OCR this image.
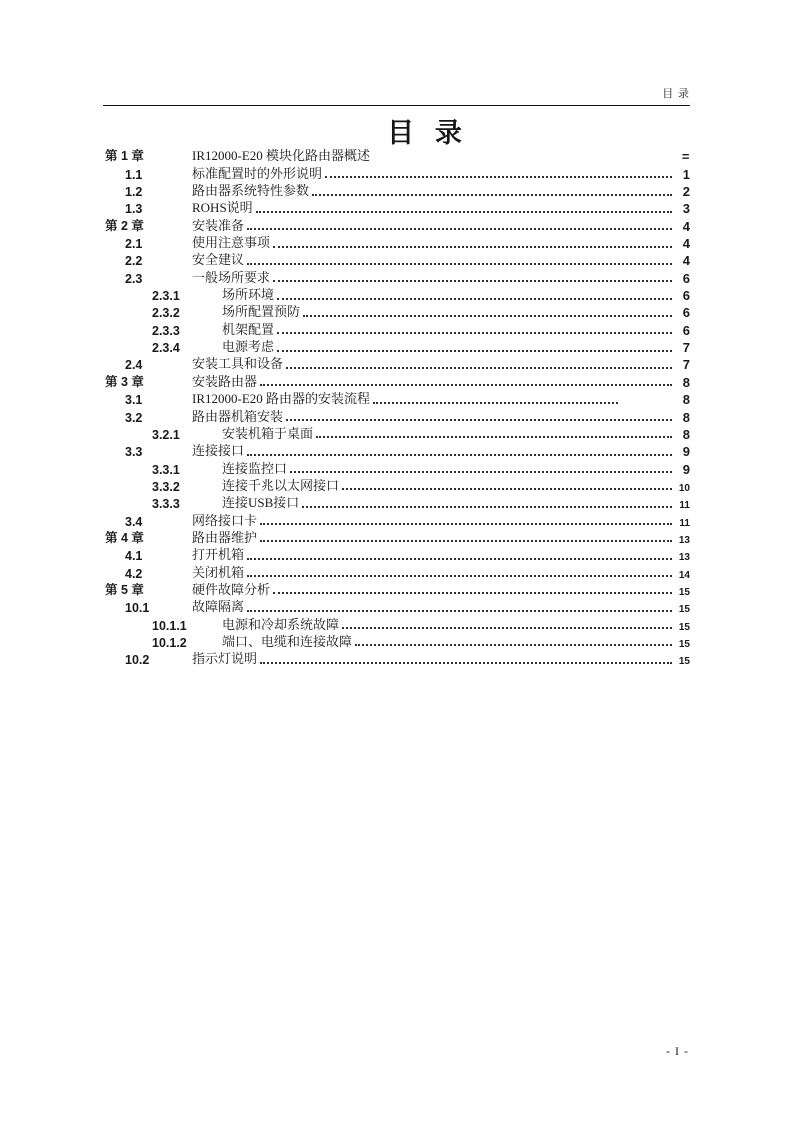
目 录
目 录
第 1 章	IR12000-E20 模块化路由器概述	=
1.1	标准配置时的外形说明	1
1.2	路由器系统特性参数	2
1.3	ROHS说明	3
第 2 章	安装准备	4
2.1	使用注意事项	4
2.2	安全建议	4
2.3	一般场所要求	6
2.3.1	场所环境	6
2.3.2	场所配置预防	6
2.3.3	机架配置	6
2.3.4	电源考虑	7
2.4	安装工具和设备	7
第 3 章	安装路由器	8
3.1	IR12000-E20 路由器的安装流程	8
3.2	路由器机箱安装	8
3.2.1	安装机箱于桌面	8
3.3	连接接口	9
3.3.1	连接监控口	9
3.3.2	连接千兆以太网接口	10
3.3.3	连接USB接口	11
3.4	网络接口卡	11
第 4 章	路由器维护	13
4.1	打开机箱	13
4.2	关闭机箱	14
第 5 章	硬件故障分析	15
10.1	故障隔离	15
10.1.1	电源和冷却系统故障	15
10.1.2	端口、电缆和连接故障	15
10.2	指示灯说明	15
- I -
